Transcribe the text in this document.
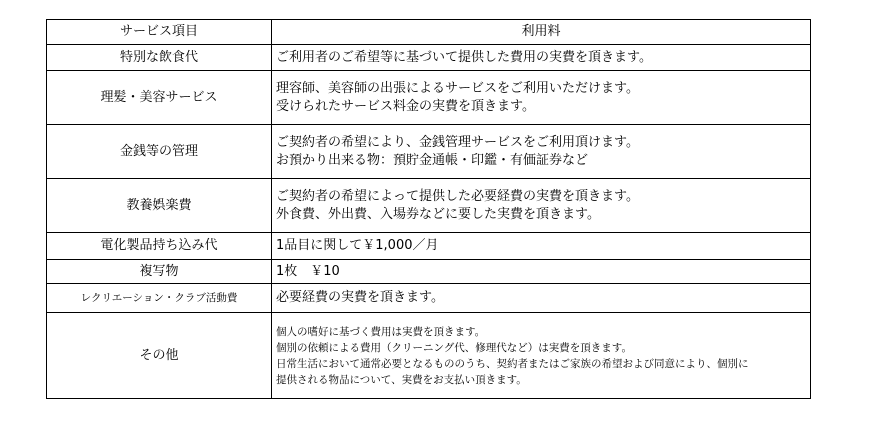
サービス項目	利用料
特別な飲食代	ご利用者のご希望等に基づいて提供した費用の実費を頂きます。

理髪・美容サービス	理容師、美容師の出張によるサービスをご利用いただけます。
受けられたサービス料金の実費を頂きます。

金銭等の管理	ご契約者の希望により、金銭管理サービスをご利用頂けます。
お預かり出来る物：預貯金通帳・印鑑・有価証券など

教養娯楽費	ご契約者の希望によって提供した必要経費の実費を頂きます。
外食費、外出費、入場券などに要した実費を頂きます。

電化製品持ち込み代	1品目に関して￥1,000／月

複写物	1枚　￥10

レクリエーション・クラブ活動費	必要経費の実費を頂きます。

その他	個人の嗜好に基づく費用は実費を頂きます。
個別の依頼による費用（クリーニング代、修理代など）は実費を頂きます。
日常生活において通常必要となるもののうち、契約者またはご家族の希望および同意により、個別に
提供される物品について、実費をお支払い頂きます。
